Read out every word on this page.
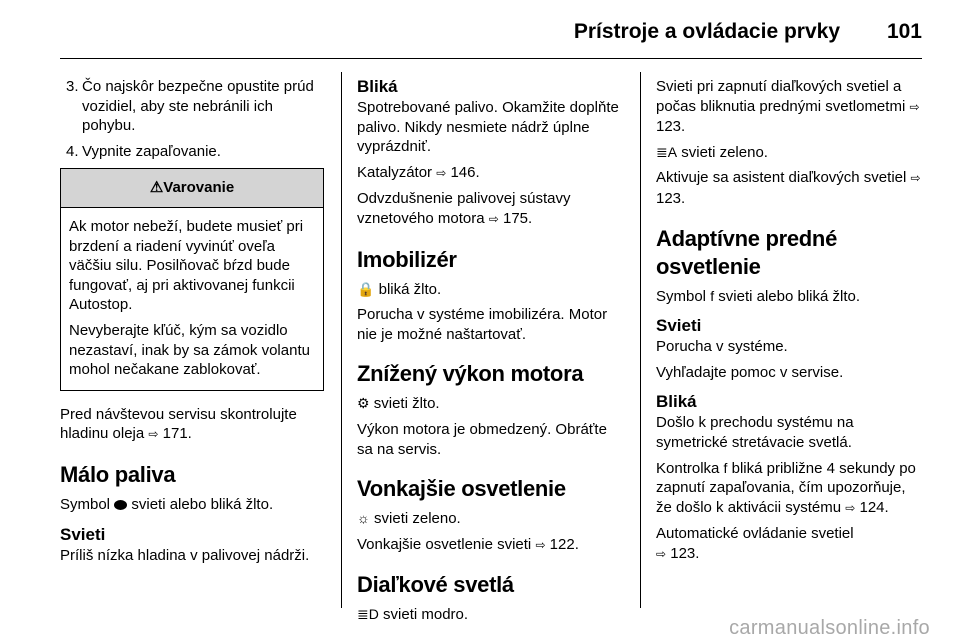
Prístroje a ovládacie prvky 101
3. Čo najskôr bezpečne opustite prúd vozidiel, aby ste nebránili ich pohybu.
4. Vypnite zapaľovanie.
⚠Varovanie

Ak motor nebeží, budete musieť pri brzdení a riadení vyvinúť oveľa väčšiu silu. Posilňovač bŕzd bude fungovať, aj pri aktivovanej funkcii Autostop.

Nevyberajte kľúč, kým sa vozidlo nezastaví, inak by sa zámok volantu mohol nečakane zablokovať.

Pred návštevou servisu skontrolujte hladinu oleja ⇨ 171.

Málo paliva

Symbol svieti alebo bliká žlto.

Svieti

Príliš nízka hladina v palivovej nádrži.

Bliká

Spotrebované palivo. Okamžite doplňte palivo. Nikdy nesmiete nádrž úplne vyprázdniť.

Katalyzátor ⇨ 146.

Odvzdušnenie palivovej sústavy vznetového motora ⇨ 175.

Imobilizér

🔒 bliká žlto.

Porucha v systéme imobilizéra. Motor nie je možné naštartovať.

Znížený výkon motora

⚙ svieti žlto.

Výkon motora je obmedzený. Obráťte sa na servis.

Vonkajšie osvetlenie

☼ svieti zeleno.

Vonkajšie osvetlenie svieti ⇨ 122.

Diaľkové svetlá

≣D svieti modro.

Svieti pri zapnutí diaľkových svetiel a počas bliknutia prednými svetlometmi ⇨ 123.

≣A svieti zeleno.

Aktivuje sa asistent diaľkových svetiel ⇨ 123.

Adaptívne predné osvetlenie

Symbol f svieti alebo bliká žlto.

Svieti

Porucha v systéme.

Vyhľadajte pomoc v servise.

Bliká

Došlo k prechodu systému na symetrické stretávacie svetlá.

Kontrolka f bliká približne 4 sekundy po zapnutí zapaľovania, čím upozorňuje, že došlo k aktivácii systému ⇨ 124.

Automatické ovládanie svetiel
⇨ 123.

carmanualsonline.info
